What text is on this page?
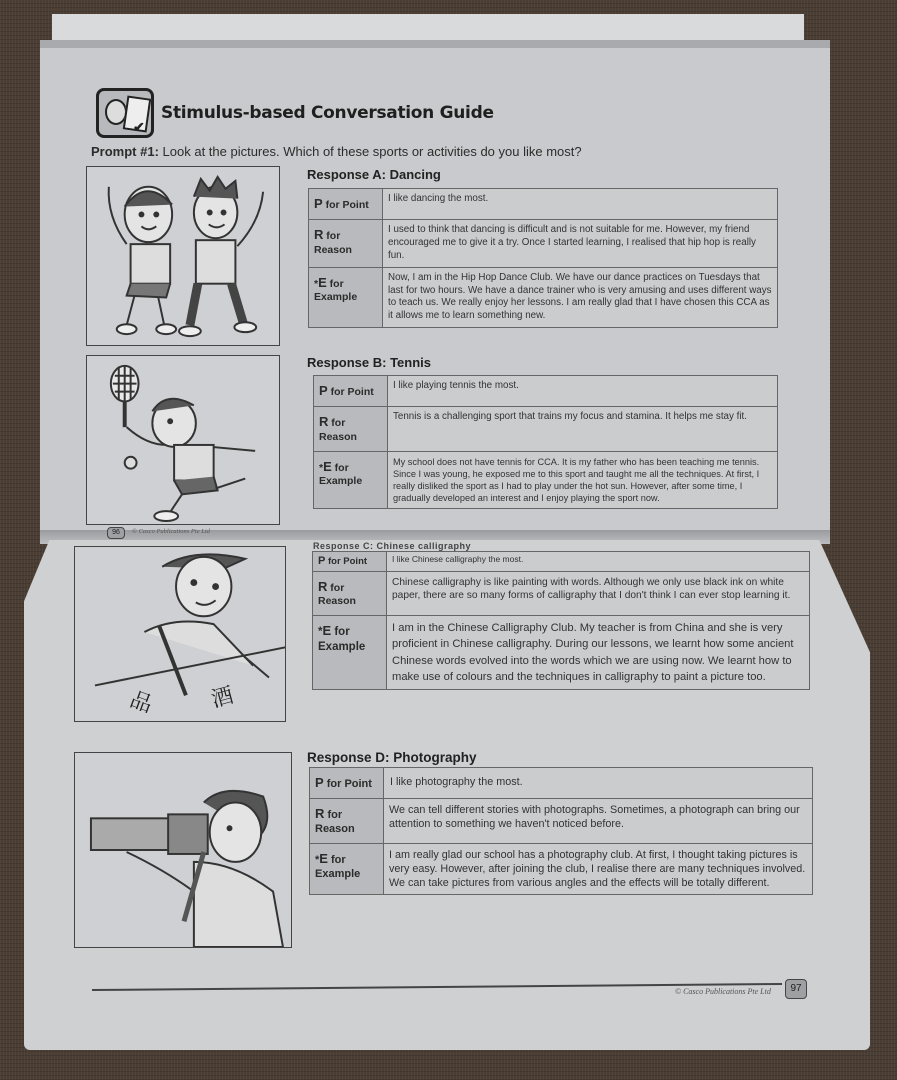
✔
Stimulus-based Conversation Guide
Prompt #1: Look at the pictures. Which of these sports or activities do you like most?
Response A: Dancing
P for Point	I like dancing the most.
R for
Reason	I used to think that dancing is difficult and is not suitable for me. However, my friend encouraged me to give it a try. Once I started learning, I realised that hip hop is really fun.
*E for
Example	Now, I am in the Hip Hop Dance Club. We have our dance practices on Tuesdays that last for two hours. We have a dance trainer who is very amusing and uses different ways to teach us. We really enjoy her lessons. I am really glad that I have chosen this CCA as it allows me to learn something new.
Response B: Tennis
P for Point	I like playing tennis the most.
R for
Reason	Tennis is a challenging sport that trains my focus and stamina. It helps me stay fit.
*E for
Example	My school does not have tennis for CCA. It is my father who has been teaching me tennis. Since I was young, he exposed me to this sport and taught me all the techniques. At first, I really disliked the sport as I had to play under the hot sun. However, after some time, I gradually developed an interest and I enjoy playing the sport now.
96	© Casco Publications Pte Ltd
品 酒
Response C: Chinese calligraphy
P for Point	I like Chinese calligraphy the most.
R for
Reason	Chinese calligraphy is like painting with words. Although we only use black ink on white paper, there are so many forms of calligraphy that I don't think I can ever stop learning it.
*E for
Example	I am in the Chinese Calligraphy Club. My teacher is from China and she is very proficient in Chinese calligraphy. During our lessons, we learnt how some ancient Chinese words evolved into the words which we are using now. We learnt how to make use of colours and the techniques in calligraphy to paint a picture too.
Response D: Photography
P for Point	I like photography the most.
R for
Reason	We can tell different stories with photographs. Sometimes, a photograph can bring our attention to something we haven't noticed before.
*E for
Example	I am really glad our school has a photography club. At first, I thought taking pictures is very easy. However, after joining the club, I realise there are many techniques involved. We can take pictures from various angles and the effects will be totally different.
© Casco Publications Pte Ltd	97
